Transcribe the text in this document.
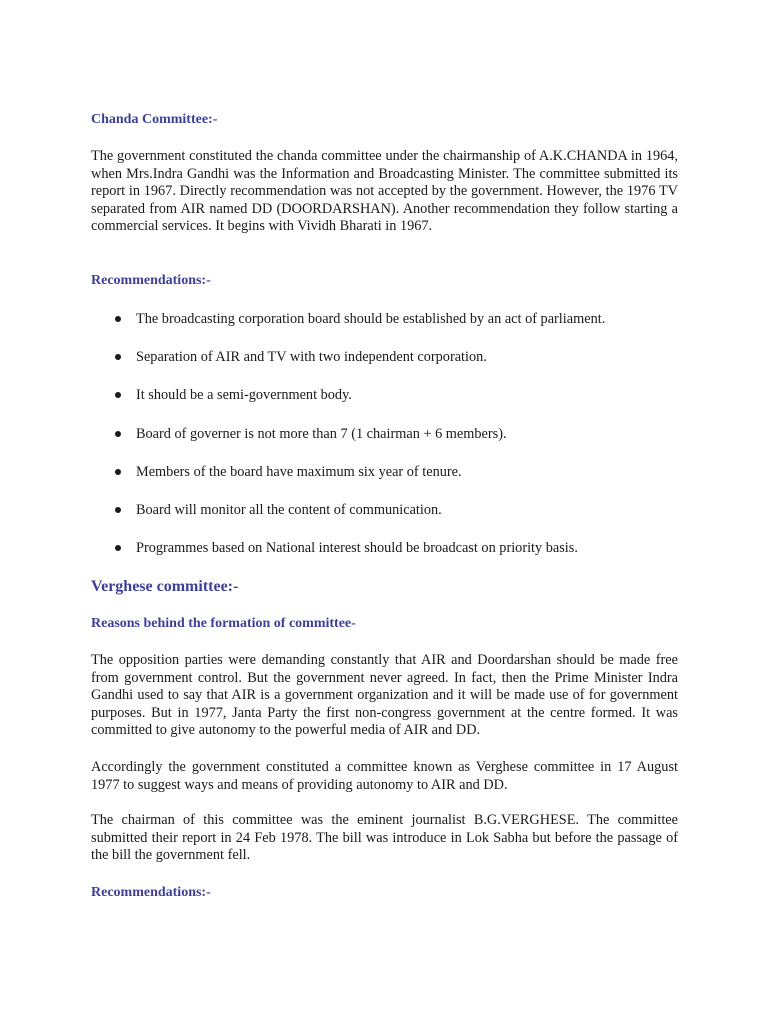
Chanda Committee:-

The government constituted the chanda committee under the chairmanship of A.K.CHANDA in 1964, when Mrs.Indra Gandhi was the Information and Broadcasting Minister. The committee submitted its report in 1967. Directly recommendation was not accepted by the government. However, the 1976 TV separated from AIR named DD (DOORDARSHAN). Another recommendation they follow starting a commercial services. It begins with Vividh Bharati in 1967.

Recommendations:-
The broadcasting corporation board should be established by an act of parliament.
Separation of AIR and TV with two independent corporation.
It should be a semi-government body.
Board of governer is not more than 7 (1 chairman + 6 members).
Members of the board have maximum six year of tenure.
Board will monitor all the content of communication.
Programmes based on National interest should be broadcast on priority basis.
Verghese committee:-
Reasons behind the formation of committee-

The opposition parties were demanding constantly that AIR and Doordarshan should be made free from government control. But the government never agreed. In fact, then the Prime Minister Indra Gandhi used to say that AIR is a government organization and it will be made use of for government purposes. But in 1977, Janta Party the first non-congress government at the centre formed. It was committed to give autonomy to the powerful media of AIR and DD.

Accordingly the government constituted a committee known as Verghese committee in 17 August 1977 to suggest ways and means of providing autonomy to AIR and DD.

The chairman of this committee was the eminent journalist B.G.VERGHESE. The committee submitted their report in 24 Feb 1978. The bill was introduce in Lok Sabha but before the passage of the bill the government fell.

Recommendations:-
